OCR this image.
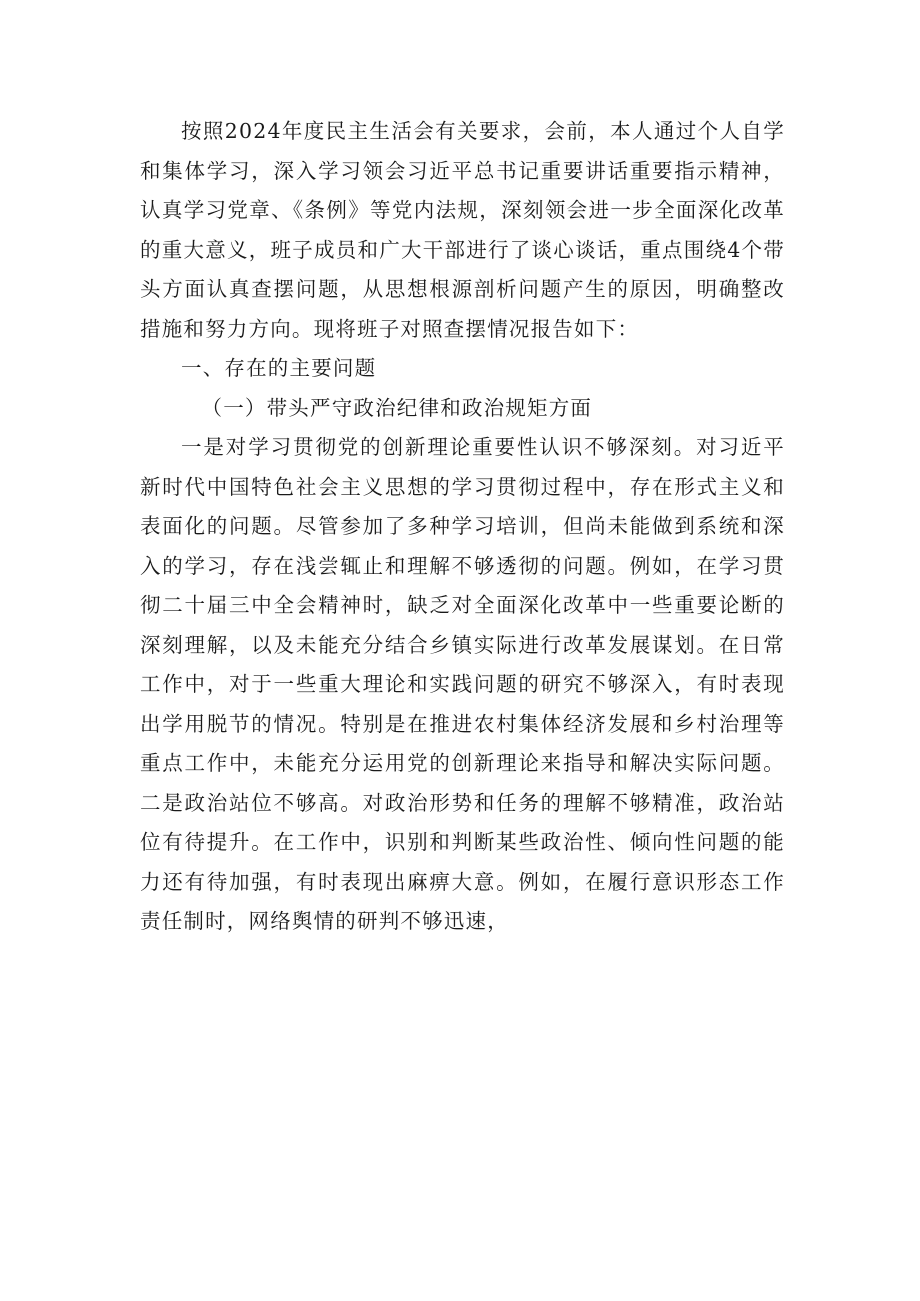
按照2024年度民主生活会有关要求，会前，本人通过个人自学和集体学习，深入学习领会习近平总书记重要讲话重要指示精神，认真学习党章、《条例》等党内法规，深刻领会进一步全面深化改革的重大意义，班子成员和广大干部进行了谈心谈话，重点围绕4个带头方面认真查摆问题，从思想根源剖析问题产生的原因，明确整改措施和努力方向。现将班子对照查摆情况报告如下：

一、存在的主要问题

（一）带头严守政治纪律和政治规矩方面

一是对学习贯彻党的创新理论重要性认识不够深刻。对习近平新时代中国特色社会主义思想的学习贯彻过程中，存在形式主义和表面化的问题。尽管参加了多种学习培训，但尚未能做到系统和深入的学习，存在浅尝辄止和理解不够透彻的问题。例如，在学习贯彻二十届三中全会精神时，缺乏对全面深化改革中一些重要论断的深刻理解，以及未能充分结合乡镇实际进行改革发展谋划。在日常工作中，对于一些重大理论和实践问题的研究不够深入，有时表现出学用脱节的情况。特别是在推进农村集体经济发展和乡村治理等重点工作中，未能充分运用党的创新理论来指导和解决实际问题。二是政治站位不够高。对政治形势和任务的理解不够精准，政治站位有待提升。在工作中，识别和判断某些政治性、倾向性问题的能力还有待加强，有时表现出麻痹大意。例如，在履行意识形态工作责任制时，网络舆情的研判不够迅速，
